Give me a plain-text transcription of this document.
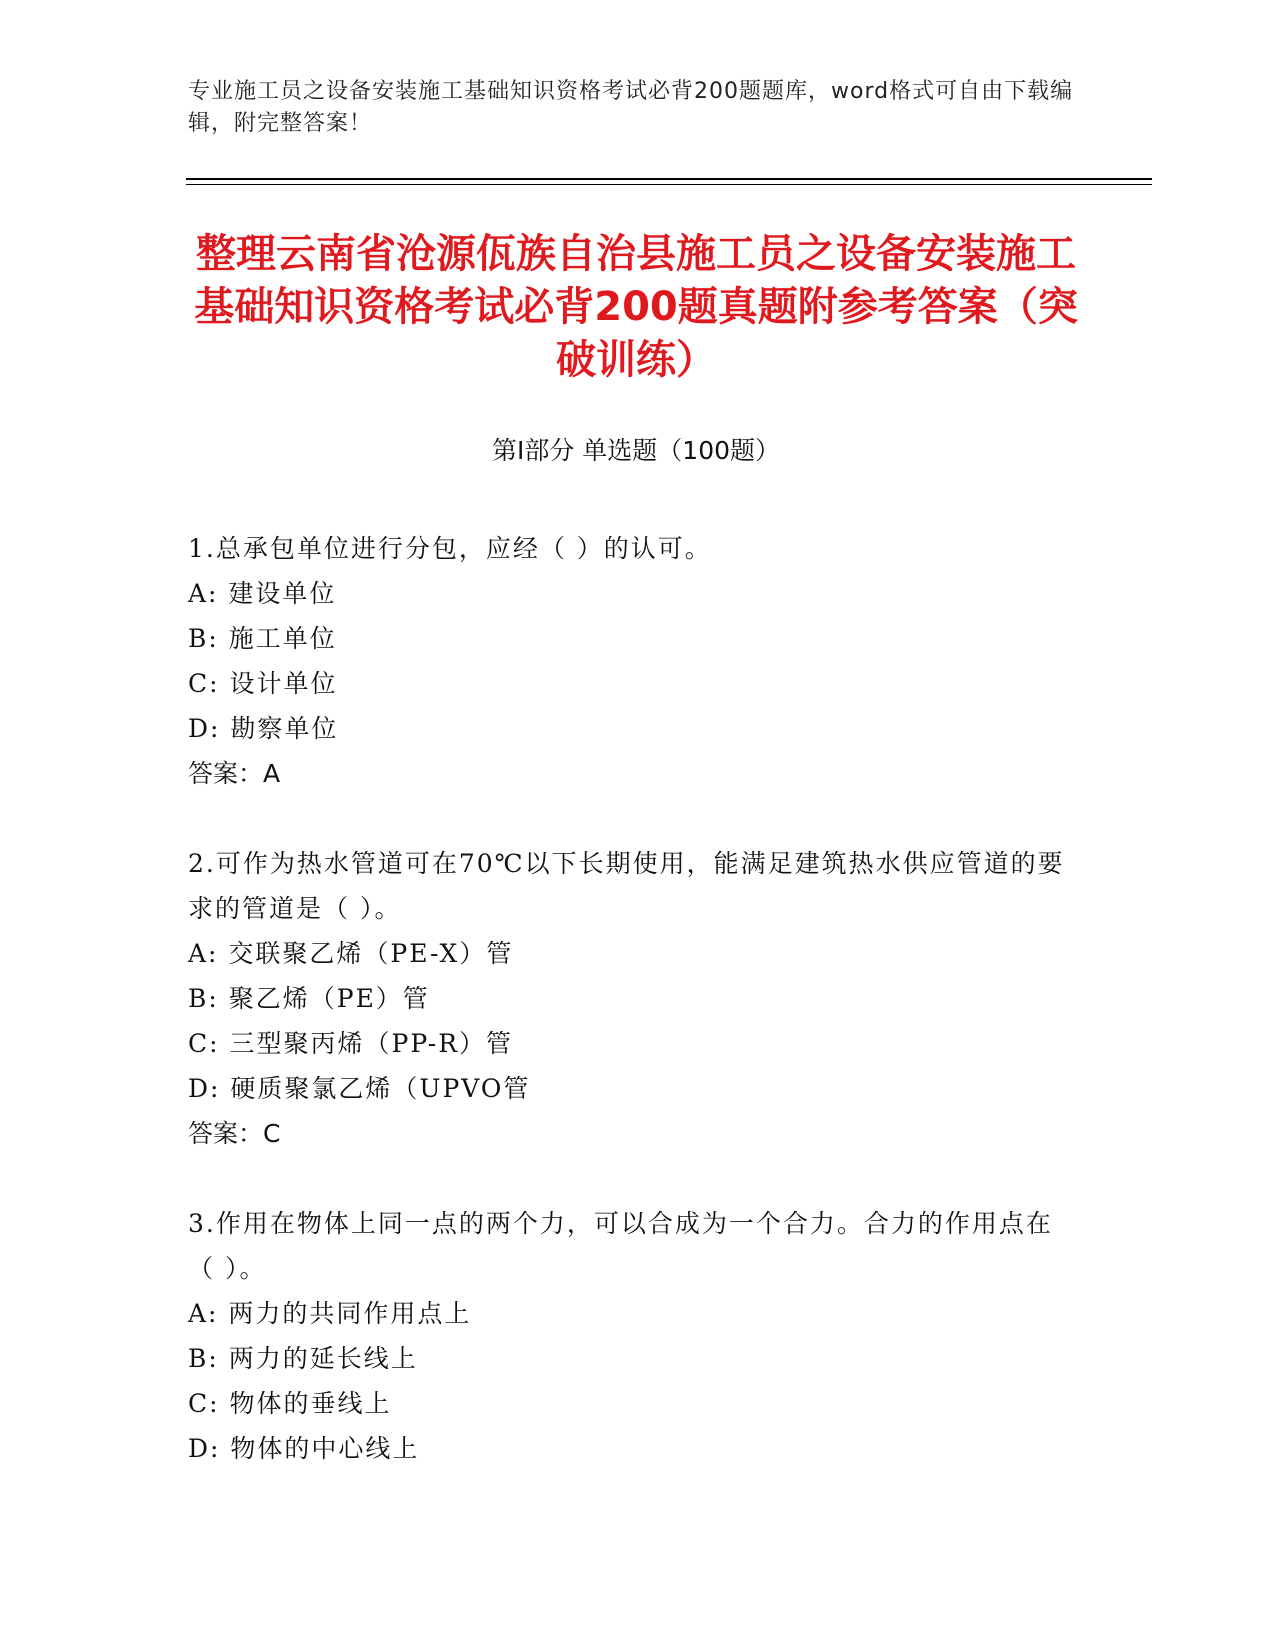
专业施工员之设备安装施工基础知识资格考试必背200题题库，word格式可自由下载编辑，附完整答案！
整理云南省沧源佤族自治县施工员之设备安装施工基础知识资格考试必背200题真题附参考答案（突破训练）
第Ⅰ部分 单选题（100题）
1.总承包单位进行分包，应经（ ）的认可。
A: 建设单位
B: 施工单位
C: 设计单位
D: 勘察单位
答案：A
2.可作为热水管道可在70℃以下长期使用，能满足建筑热水供应管道的要求的管道是（ ）。
A: 交联聚乙烯（PE-X）管
B: 聚乙烯（PE）管
C: 三型聚丙烯（PP-R）管
D: 硬质聚氯乙烯（UPVO管
答案：C
3.作用在物体上同一点的两个力，可以合成为一个合力。合力的作用点在（ ）。
A: 两力的共同作用点上
B: 两力的延长线上
C: 物体的垂线上
D: 物体的中心线上
